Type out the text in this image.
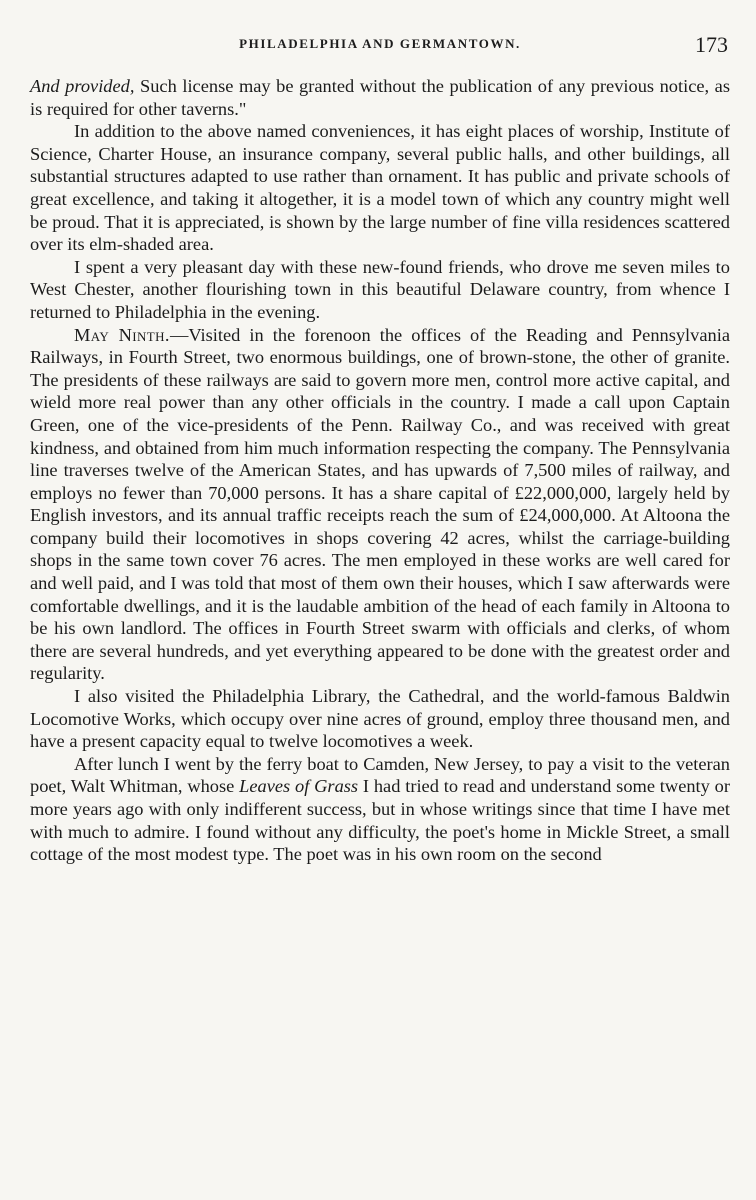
PHILADELPHIA AND GERMANTOWN.	173

And provided, Such license may be granted without the publication of any previous notice, as is required for other taverns."

In addition to the above named conveniences, it has eight places of worship, Institute of Science, Charter House, an insurance company, several public halls, and other buildings, all substantial structures adapted to use rather than ornament. It has public and private schools of great excellence, and taking it altogether, it is a model town of which any country might well be proud. That it is appreciated, is shown by the large number of fine villa residences scattered over its elm-shaded area.

I spent a very pleasant day with these new-found friends, who drove me seven miles to West Chester, another flourishing town in this beautiful Delaware country, from whence I returned to Philadelphia in the evening.

May Ninth.—Visited in the forenoon the offices of the Reading and Pennsylvania Railways, in Fourth Street, two enormous buildings, one of brown-stone, the other of granite. The presidents of these railways are said to govern more men, control more active capital, and wield more real power than any other officials in the country. I made a call upon Captain Green, one of the vice-presidents of the Penn. Railway Co., and was received with great kindness, and obtained from him much information respecting the company. The Pennsylvania line traverses twelve of the American States, and has upwards of 7,500 miles of railway, and employs no fewer than 70,000 persons. It has a share capital of £22,000,000, largely held by English investors, and its annual traffic receipts reach the sum of £24,000,000. At Altoona the company build their locomotives in shops covering 42 acres, whilst the carriage-building shops in the same town cover 76 acres. The men employed in these works are well cared for and well paid, and I was told that most of them own their houses, which I saw afterwards were comfortable dwellings, and it is the laudable ambition of the head of each family in Altoona to be his own landlord. The offices in Fourth Street swarm with officials and clerks, of whom there are several hundreds, and yet everything appeared to be done with the greatest order and regularity.

I also visited the Philadelphia Library, the Cathedral, and the world-famous Baldwin Locomotive Works, which occupy over nine acres of ground, employ three thousand men, and have a present capacity equal to twelve locomotives a week.

After lunch I went by the ferry boat to Camden, New Jersey, to pay a visit to the veteran poet, Walt Whitman, whose Leaves of Grass I had tried to read and understand some twenty or more years ago with only indifferent success, but in whose writings since that time I have met with much to admire. I found without any difficulty, the poet's home in Mickle Street, a small cottage of the most modest type. The poet was in his own room on the second
